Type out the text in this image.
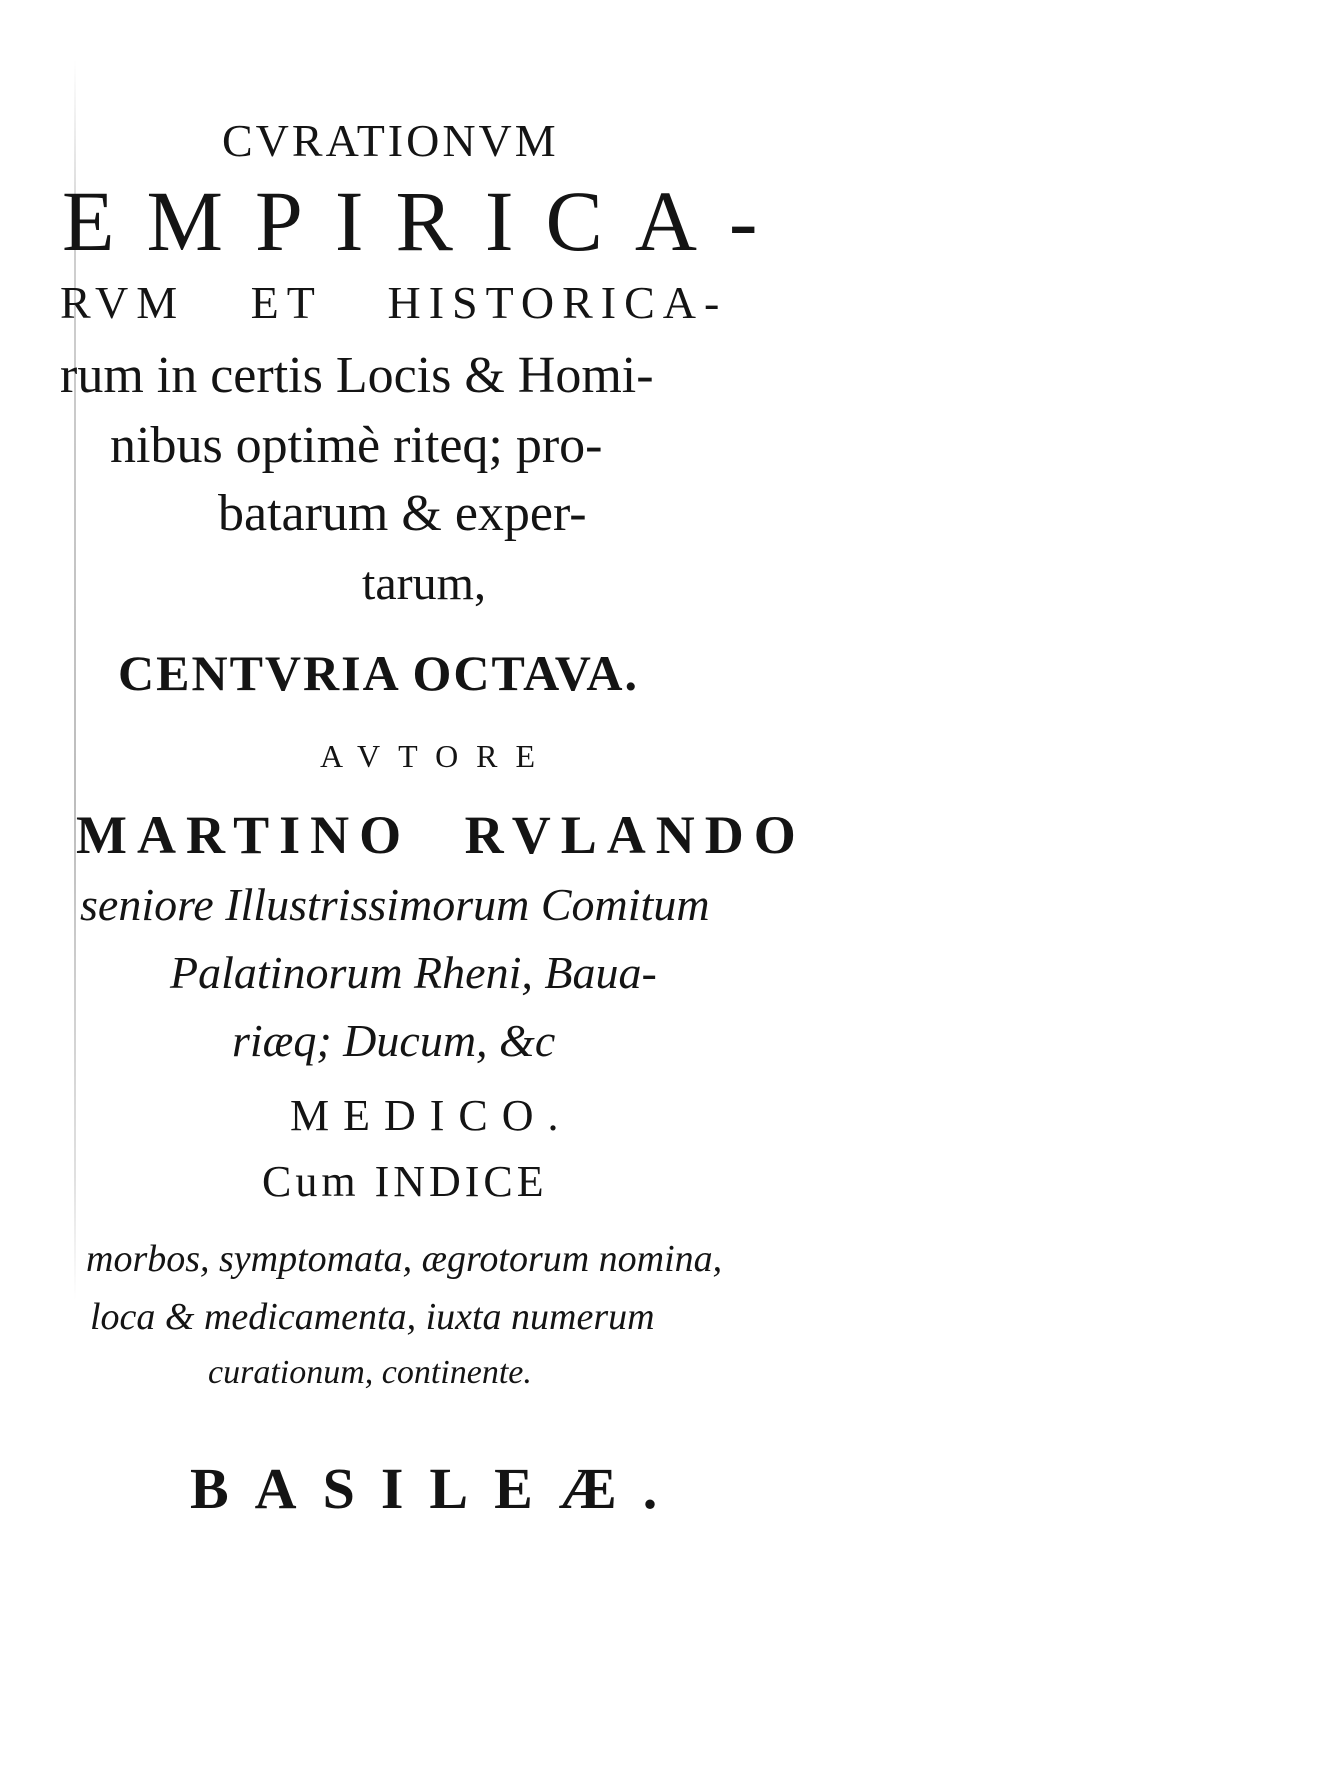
CVRATIONVM

EMPIRICA-

RVM ET HISTORICA-

rum in certis Locis & Homi-

nibus optimè riteq; pro-

batarum & exper-

tarum,

CENTVRIA OCTAVA.

AVTORE

MARTINO RVLANDO

seniore Illustrissimorum Comitum

Palatinorum Rheni, Baua-

riæq; Ducum, &c

MEDICO.

Cum INDICE

morbos, symptomata, ægrotorum nomina,

loca & medicamenta, iuxta numerum

curationum, continente.

BASILEÆ.
